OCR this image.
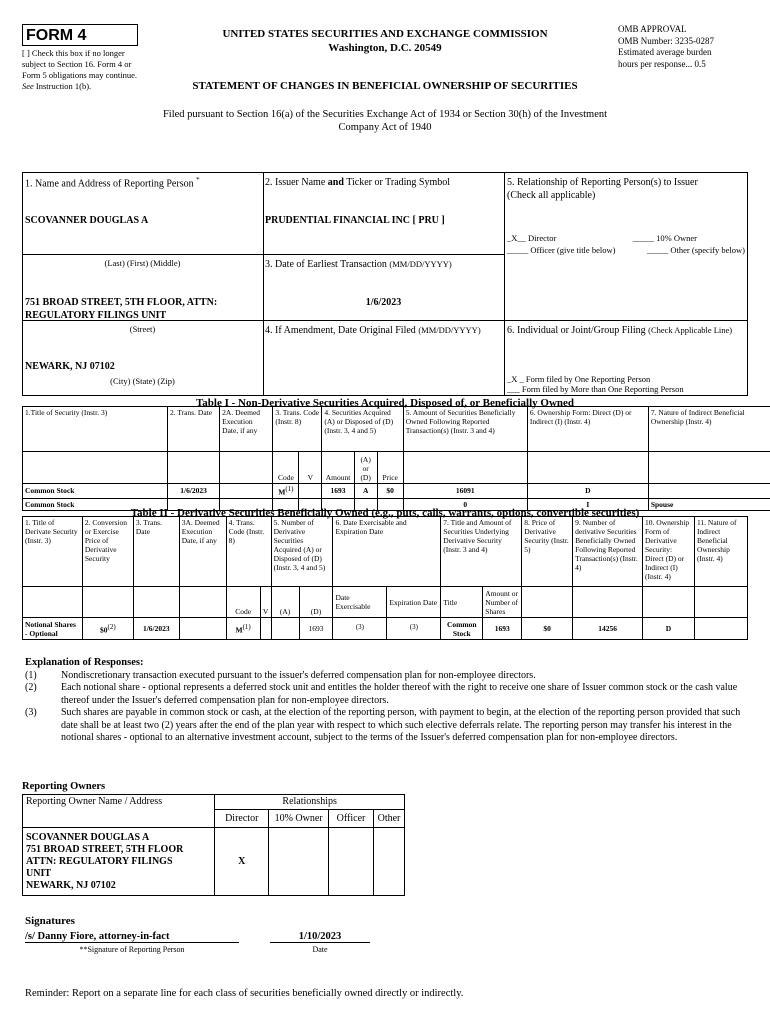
FORM 4
[ ] Check this box if no longer subject to Section 16. Form 4 or Form 5 obligations may continue. See Instruction 1(b).
UNITED STATES SECURITIES AND EXCHANGE COMMISSION
Washington, D.C. 20549
STATEMENT OF CHANGES IN BENEFICIAL OWNERSHIP OF SECURITIES
OMB APPROVAL
OMB Number: 3235-0287
Estimated average burden
hours per response... 0.5
Filed pursuant to Section 16(a) of the Securities Exchange Act of 1934 or Section 30(h) of the Investment Company Act of 1940
1. Name and Address of Reporting Person *
SCOVANNER DOUGLAS A
(Last) (First) (Middle)
751 BROAD STREET, 5TH FLOOR, ATTN: REGULATORY FILINGS UNIT
(Street)
NEWARK, NJ 07102
(City) (State) (Zip)
2. Issuer Name and Ticker or Trading Symbol
PRUDENTIAL FINANCIAL INC [ PRU ]
3. Date of Earliest Transaction (MM/DD/YYYY)
1/6/2023
4. If Amendment, Date Original Filed (MM/DD/YYYY)
5. Relationship of Reporting Person(s) to Issuer
(Check all applicable)
_X__ Director	_____ 10% Owner
_____ Officer (give title below)	_____ Other (specify below)
6. Individual or Joint/Group Filing (Check Applicable Line)
_X _ Form filed by One Reporting Person
___ Form filed by More than One Reporting Person
Table I - Non-Derivative Securities Acquired, Disposed of, or Beneficially Owned
1.Title of Security (Instr. 3)	2. Trans. Date	2A. Deemed Execution Date, if any	3. Trans. Code (Instr. 8)		4. Securities Acquired (A) or Disposed of (D) (Instr. 3, 4 and 5)			5. Amount of Securities Beneficially Owned Following Reported Transaction(s) (Instr. 3 and 4)	6. Ownership Form: Direct (D) or Indirect (I) (Instr. 4)	7. Nature of Indirect Beneficial Ownership (Instr. 4)
			Code	V	Amount	(A) or (D)	Price			
Common Stock	1/6/2023		$M^{(1)}$		1693	A	$0	16091	D	
Common Stock								0	I	Spouse
Table II - Derivative Securities Beneficially Owned (e.g., puts, calls, warrants, options, convertible securities)
1. Title of Derivate Security (Instr. 3)	2. Conversion or Exercise Price of Derivative Security	3. Trans. Date	3A. Deemed Execution Date, if any	4. Trans. Code (Instr. 8)		5. Number of Derivative Securities Acquired (A) or Disposed of (D) (Instr. 3, 4 and 5)		6. Date Exercisable and Expiration Date		7. Title and Amount of Securities Underlying Derivative Security (Instr. 3 and 4)		8. Price of Derivative Security (Instr. 5)	9. Number of derivative Securities Beneficially Owned Following Reported Transaction(s) (Instr. 4)	10. Ownership Form of Derivative Security: Direct (D) or Indirect (I) (Instr. 4)	11. Nature of Indirect Beneficial Ownership (Instr. 4)
				Code	V	(A)	(D)	Date Exercisable	Expiration Date	Title	Amount or Number of Shares				
Notional Shares - Optional	$0$^{(2)}$	1/6/2023		$M^{(1)}$			1693	$^{(3)}$	$^{(3)}$	Common Stock	1693	$0	14256	D	
Explanation of Responses:
(1)	Nondiscretionary transaction executed pursuant to the issuer's deferred compensation plan for non-employee directors.
(2)	Each notional share - optional represents a deferred stock unit and entitles the holder thereof with the right to receive one share of Issuer common stock or the cash value thereof under the Issuer's deferred compensation plan for non-employee directors.
(3)	Such shares are payable in common stock or cash, at the election of the reporting person, with payment to begin, at the election of the reporting person provided that such date shall be at least two (2) years after the end of the plan year with respect to which such elective deferrals relate. The reporting person may transfer his interest in the notional shares - optional to an alternative investment account, subject to the terms of the Issuer's deferred compensation plan for non-employee directors.
Reporting Owners
Reporting Owner Name / Address	Relationships			
	Director	10% Owner	Officer	Other

SCOVANNER DOUGLAS A
751 BROAD STREET, 5TH FLOOR
ATTN: REGULATORY FILINGS
UNIT
NEWARK, NJ 07102	X			
Signatures
/s/ Danny Fiore, attorney-in-fact
**Signature of Reporting Person
1/10/2023
Date
Reminder: Report on a separate line for each class of securities beneficially owned directly or indirectly.
